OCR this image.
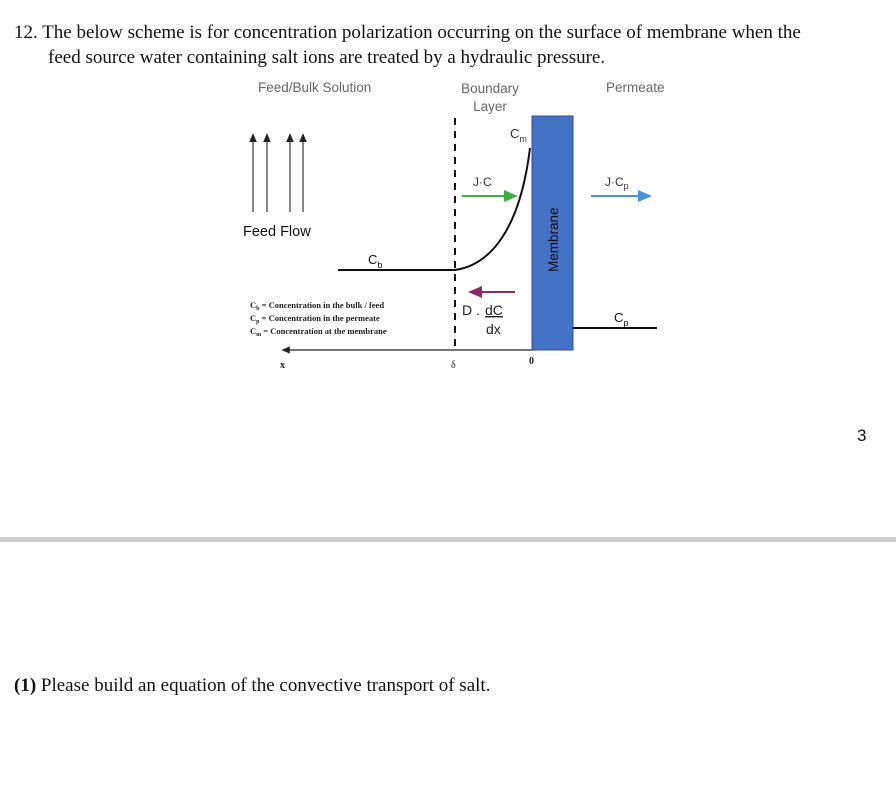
12. The below scheme is for concentration polarization occurring on the surface of membrane when the
feed source water containing salt ions are treated by a hydraulic pressure.
Feed/Bulk Solution	Boundary
Layer
Permeate
$C_m$
J·C	$J\cdot C_p$
Feed Flow
$C_b$	Membrane
D . dC
dx
$C_p$
$C_b$ = Concentration in the bulk / feed
$C_p$ = Concentration in the permeate
$C_m$ = Concentration at the membrane
x	δ	0
3
(1) Please build an equation of the convective transport of salt.
